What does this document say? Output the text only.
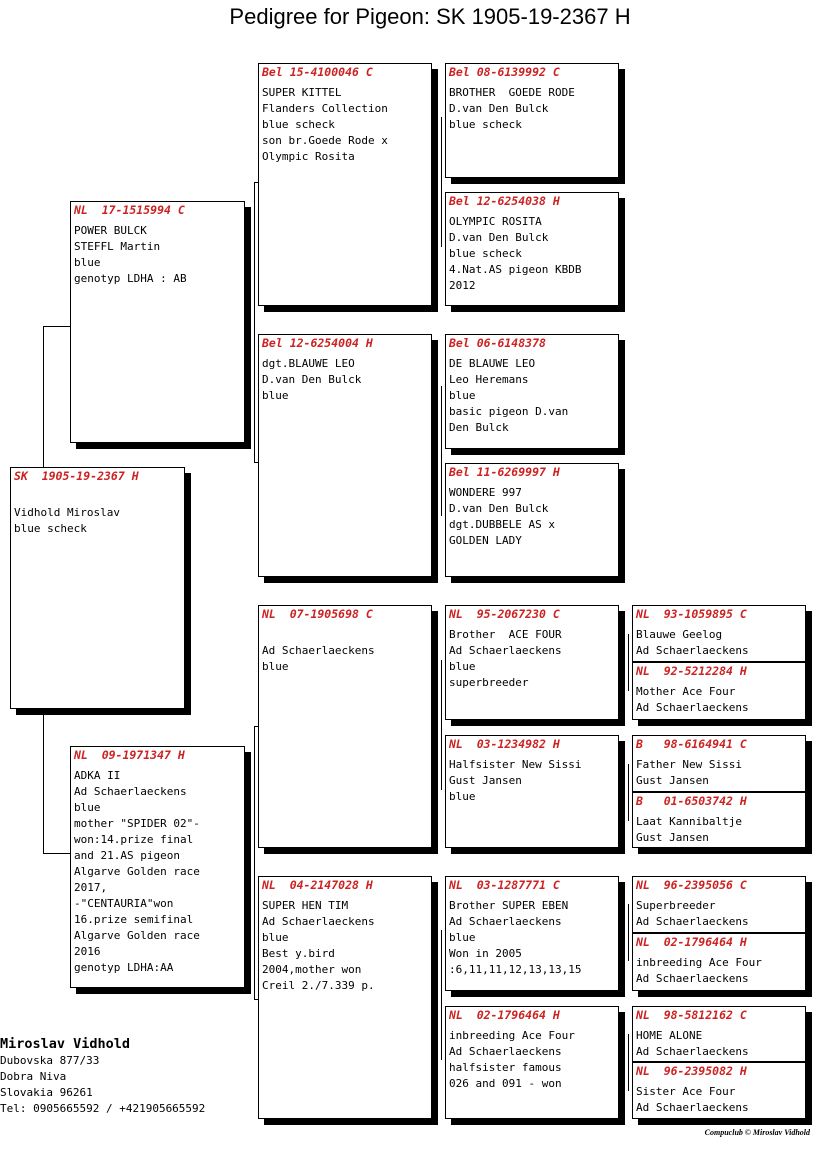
Pedigree for Pigeon: SK 1905-19-2367 H
SK  1905-19-2367 H
Vidhold Miroslav
blue scheck
NL  17-1515994 C
POWER BULCK
STEFFL Martin
blue
genotyp LDHA : AB
NL  09-1971347 H
ADKA II
Ad Schaerlaeckens
blue
mother "SPIDER 02"-
won:14.prize final
and 21.AS pigeon
Algarve Golden race
2017,
-"CENTAURIA"won
16.prize semifinal
Algarve Golden race
2016
genotyp LDHA:AA
Bel 15-4100046 C
SUPER KITTEL
Flanders Collection
blue scheck
son br.Goede Rode x
Olympic Rosita
Bel 12-6254004 H
dgt.BLAUWE LEO
D.van Den Bulck
blue
NL  07-1905698 C
Ad Schaerlaeckens
blue
NL  04-2147028 H
SUPER HEN TIM
Ad Schaerlaeckens
blue
Best y.bird
2004,mother won
Creil 2./7.339 p.
Bel 08-6139992 C
BROTHER  GOEDE RODE
D.van Den Bulck
blue scheck
Bel 12-6254038 H
OLYMPIC ROSITA
D.van Den Bulck
blue scheck
4.Nat.AS pigeon KBDB
2012
Bel 06-6148378
DE BLAUWE LEO
Leo Heremans
blue
basic pigeon D.van
Den Bulck
Bel 11-6269997 H
WONDERE 997
D.van Den Bulck
dgt.DUBBELE AS x
GOLDEN LADY
NL  95-2067230 C
Brother  ACE FOUR
Ad Schaerlaeckens
blue
superbreeder
NL  03-1234982 H
Halfsister New Sissi
Gust Jansen
blue
NL  03-1287771 C
Brother SUPER EBEN
Ad Schaerlaeckens
blue
Won in 2005
:6,11,11,12,13,13,15
NL  02-1796464 H
inbreeding Ace Four
Ad Schaerlaeckens
halfsister famous
026 and 091 - won
NL  93-1059895 C
Blauwe Geelog
Ad Schaerlaeckens
NL  92-5212284 H
Mother Ace Four
Ad Schaerlaeckens
B   98-6164941 C
Father New Sissi
Gust Jansen
B   01-6503742 H
Laat Kannibaltje
Gust Jansen
NL  96-2395056 C
Superbreeder
Ad Schaerlaeckens
NL  02-1796464 H
inbreeding Ace Four
Ad Schaerlaeckens
NL  98-5812162 C
HOME ALONE
Ad Schaerlaeckens
NL  96-2395082 H
Sister Ace Four
Ad Schaerlaeckens
Miroslav Vidhold
Dubovska 877/33
Dobra Niva
Slovakia 96261
Tel: 0905665592 / +421905665592
Compuclub © Miroslav Vidhold
